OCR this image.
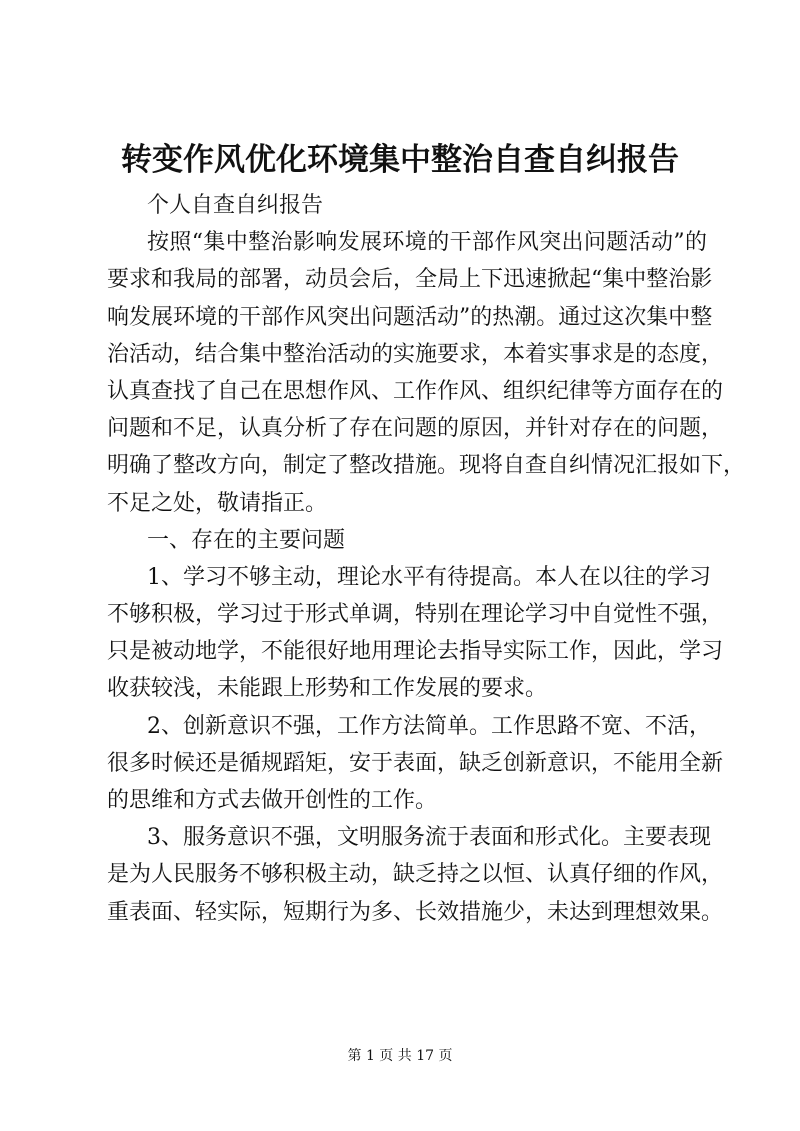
转变作风优化环境集中整治自查自纠报告
个人自查自纠报告
按照“集中整治影响发展环境的干部作风突出问题活动”的
要求和我局的部署，动员会后，全局上下迅速掀起“集中整治影
响发展环境的干部作风突出问题活动”的热潮。通过这次集中整
治活动，结合集中整治活动的实施要求，本着实事求是的态度，
认真查找了自己在思想作风、工作作风、组织纪律等方面存在的
问题和不足，认真分析了存在问题的原因，并针对存在的问题，
明确了整改方向，制定了整改措施。现将自查自纠情况汇报如下，
不足之处，敬请指正。
一、存在的主要问题
1、学习不够主动，理论水平有待提高。本人在以往的学习
不够积极，学习过于形式单调，特别在理论学习中自觉性不强，
只是被动地学，不能很好地用理论去指导实际工作，因此，学习
收获较浅，未能跟上形势和工作发展的要求。
2、创新意识不强，工作方法简单。工作思路不宽、不活，
很多时候还是循规蹈矩，安于表面，缺乏创新意识，不能用全新
的思维和方式去做开创性的工作。
3、服务意识不强，文明服务流于表面和形式化。主要表现
是为人民服务不够积极主动，缺乏持之以恒、认真仔细的作风，
重表面、轻实际，短期行为多、长效措施少，未达到理想效果。
第 1 页 共 17 页
